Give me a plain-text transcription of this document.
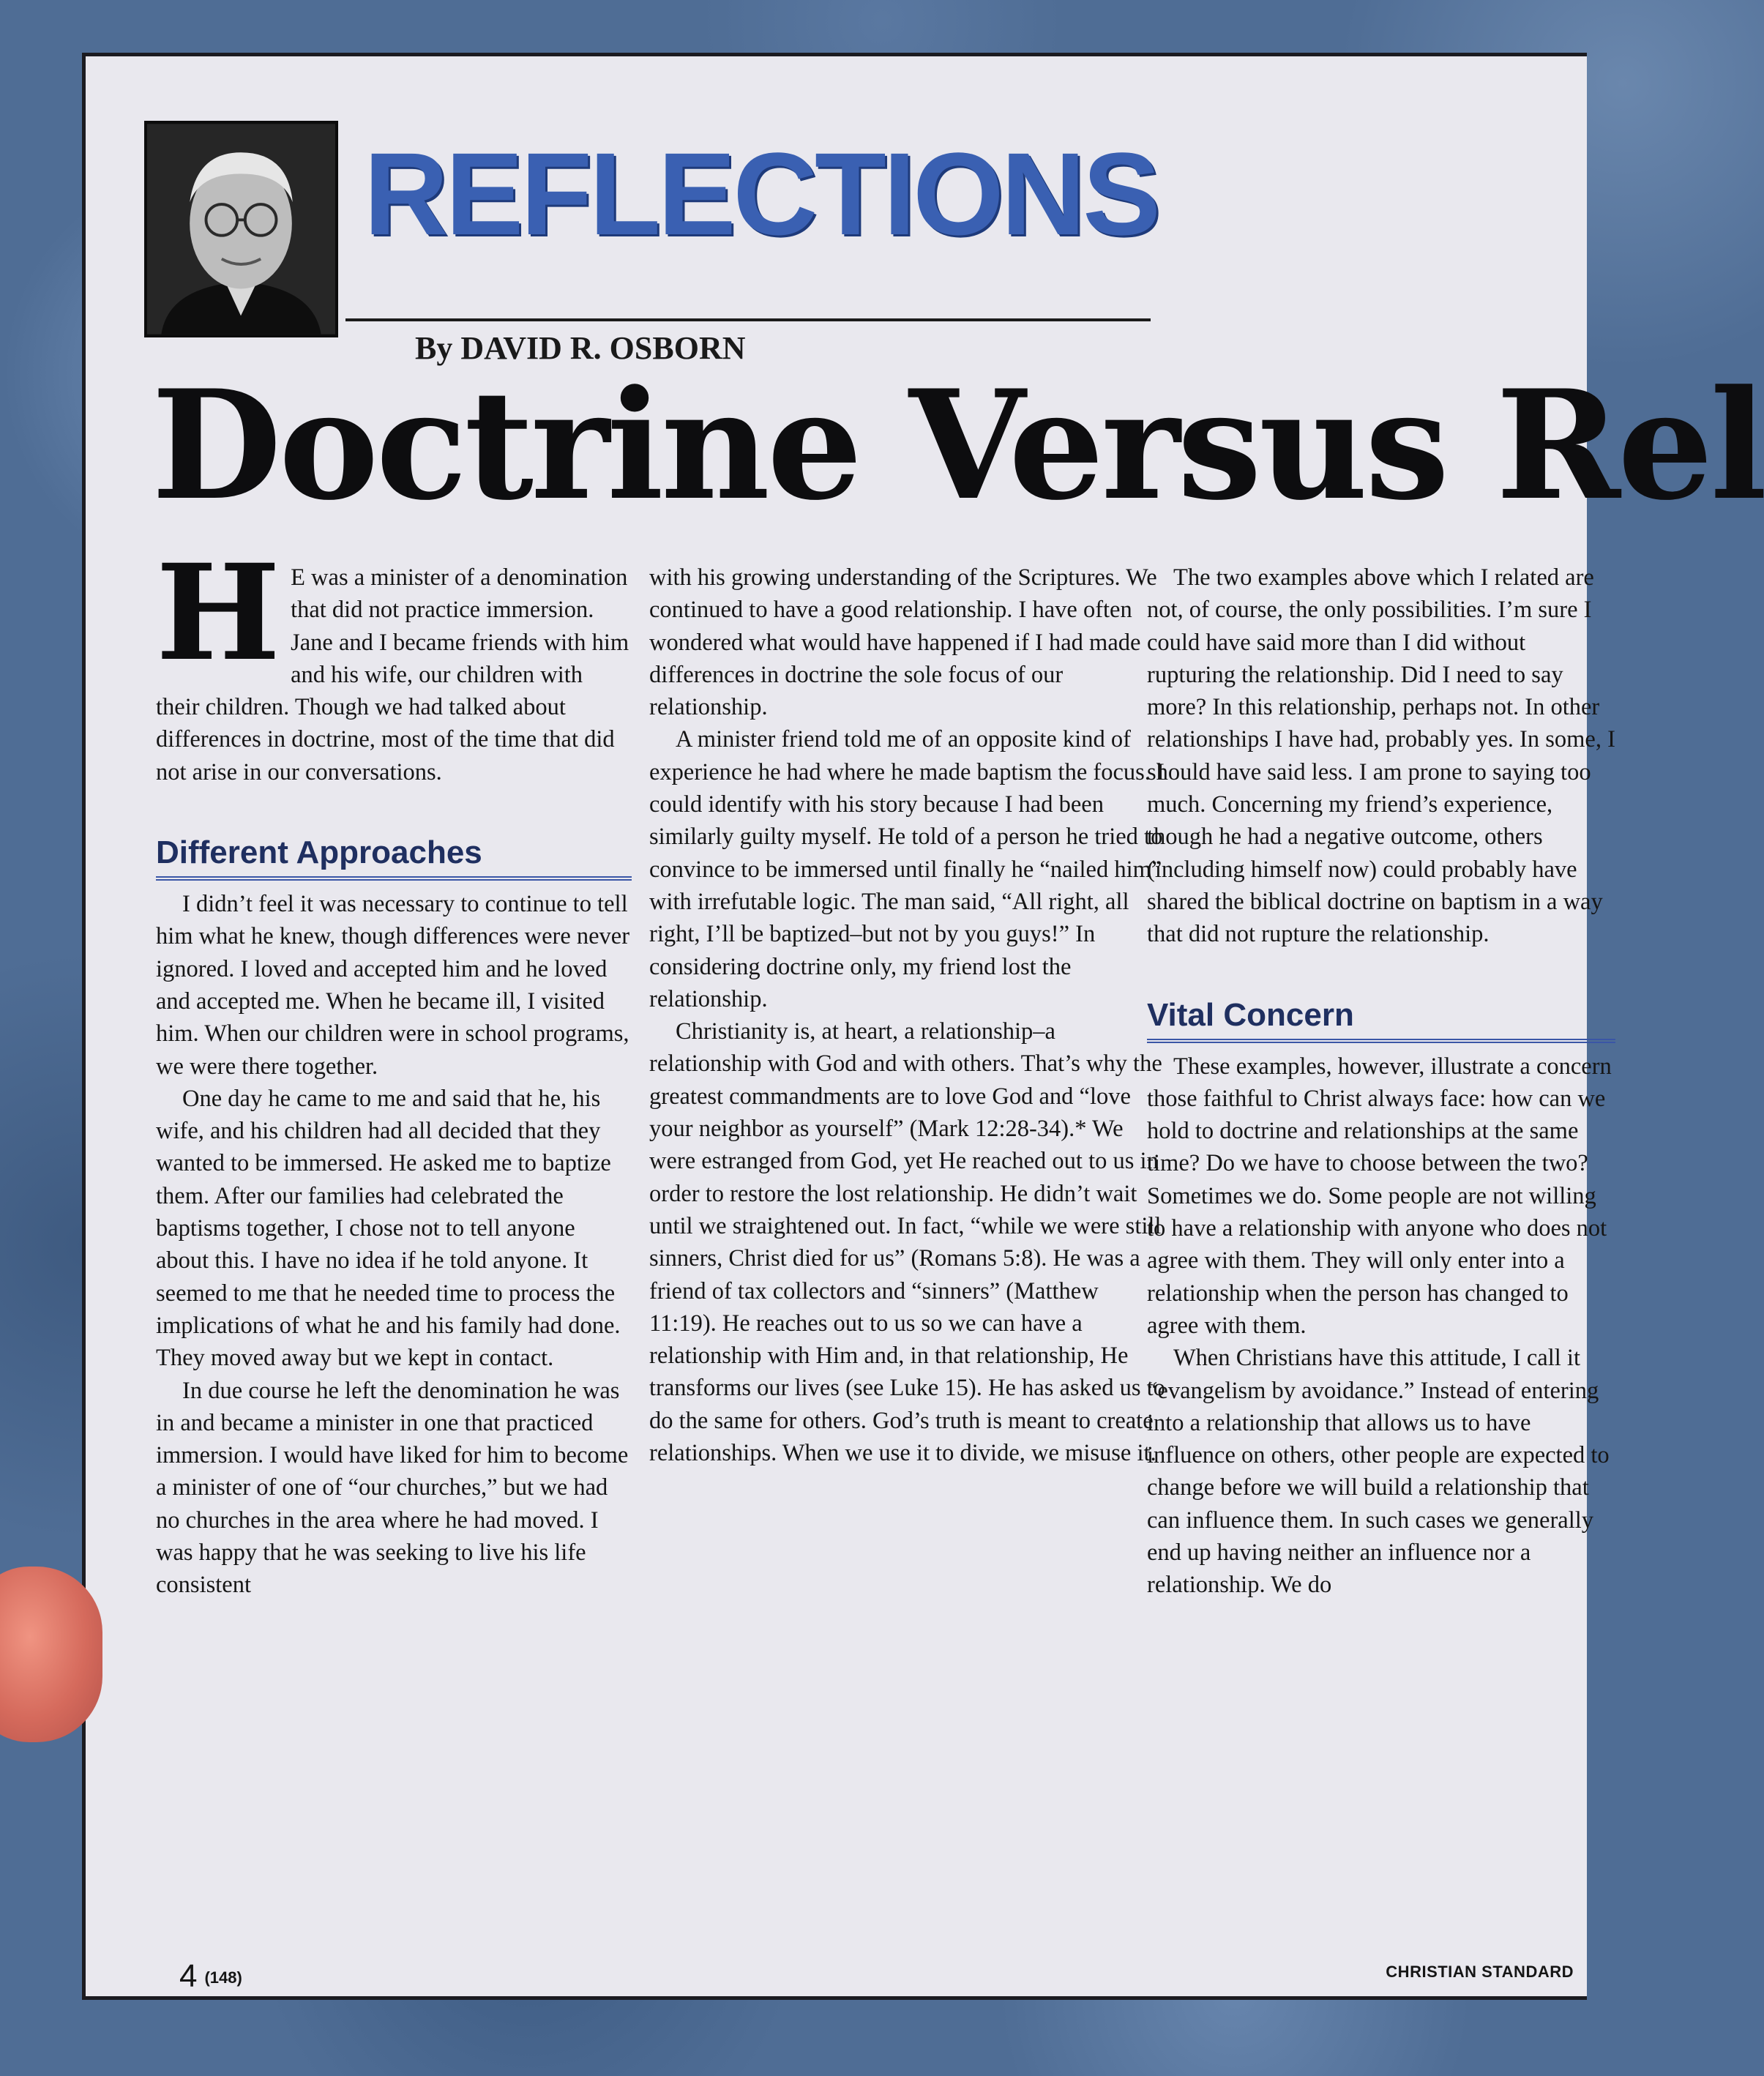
REFLECTIONS
By DAVID R. OSBORN
Doctrine Versus Rel

H E was a minister of a denomination that did not practice immersion. Jane and I became friends with him and his wife, our children with their children. Though we had talked about differences in doctrine, most of the time that did not arise in our conversations.

Different Approaches

I didn’t feel it was necessary to continue to tell him what he knew, though differences were never ignored. I loved and accepted him and he loved and accepted me. When he became ill, I visited him. When our children were in school programs, we were there together.

One day he came to me and said that he, his wife, and his children had all decided that they wanted to be immersed. He asked me to baptize them. After our families had celebrated the baptisms together, I chose not to tell anyone about this. I have no idea if he told anyone. It seemed to me that he needed time to process the implications of what he and his family had done. They moved away but we kept in contact.

In due course he left the denomination he was in and became a minister in one that practiced immersion. I would have liked for him to become a minister of one of “our churches,” but we had no churches in the area where he had moved. I was happy that he was seeking to live his life consistent

with his growing understanding of the Scriptures. We continued to have a good relationship. I have often wondered what would have happened if I had made differences in doctrine the sole focus of our relationship.

A minister friend told me of an opposite kind of experience he had where he made baptism the focus. I could identify with his story because I had been similarly guilty myself. He told of a person he tried to convince to be immersed until finally he “nailed him” with irrefutable logic. The man said, “All right, all right, I’ll be baptized–but not by you guys!” In considering doctrine only, my friend lost the relationship.

Christianity is, at heart, a relationship–a relationship with God and with others. That’s why the greatest commandments are to love God and “love your neighbor as yourself” (Mark 12:28-34).* We were estranged from God, yet He reached out to us in order to restore the lost relationship. He didn’t wait until we straightened out. In fact, “while we were still sinners, Christ died for us” (Romans 5:8). He was a friend of tax collectors and “sinners” (Matthew 11:19). He reaches out to us so we can have a relationship with Him and, in that relationship, He transforms our lives (see Luke 15). He has asked us to do the same for others. God’s truth is meant to create relationships. When we use it to divide, we misuse it.

The two examples above which I related are not, of course, the only possibilities. I’m sure I could have said more than I did without rupturing the relationship. Did I need to say more? In this relationship, perhaps not. In other relationships I have had, probably yes. In some, I should have said less. I am prone to saying too much. Concerning my friend’s experience, though he had a negative outcome, others (including himself now) could probably have shared the biblical doctrine on baptism in a way that did not rupture the relationship.

Vital Concern

These examples, however, illustrate a concern those faithful to Christ always face: how can we hold to doctrine and relationships at the same time? Do we have to choose between the two? Sometimes we do. Some people are not willing to have a relationship with anyone who does not agree with them. They will only enter into a relationship when the person has changed to agree with them.

When Christians have this attitude, I call it “evangelism by avoidance.” Instead of entering into a relationship that allows us to have influence on others, other people are expected to change before we will build a relationship that can influence them. In such cases we generally end up having neither an influence nor a relationship. We do

4 (148)	CHRISTIAN STANDARD
